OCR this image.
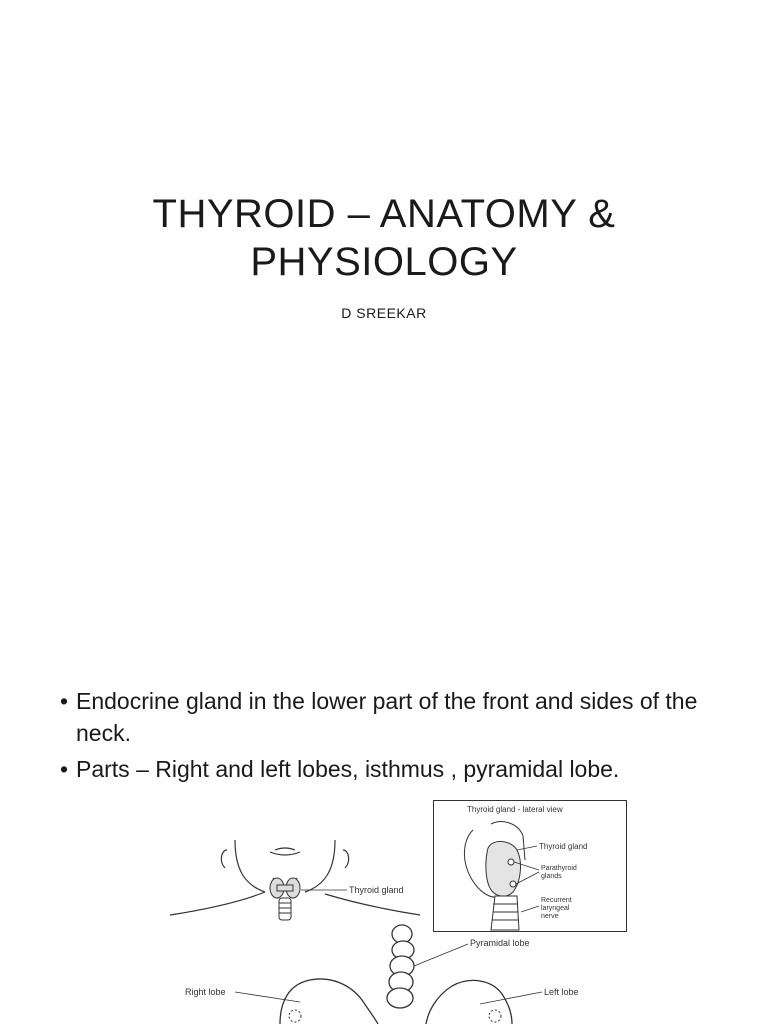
THYROID – ANATOMY &
PHYSIOLOGY
D SREEKAR
• Endocrine gland in the lower part of the front and sides of the neck.
• Parts – Right and left lobes, isthmus , pyramidal lobe.
Thyroid gland
Thyroid gland - lateral view
Thyroid gland
Parathyroid
glands
Recurrent
laryngeal
nerve
Pyramidal lobe
Right lobe	Left lobe
